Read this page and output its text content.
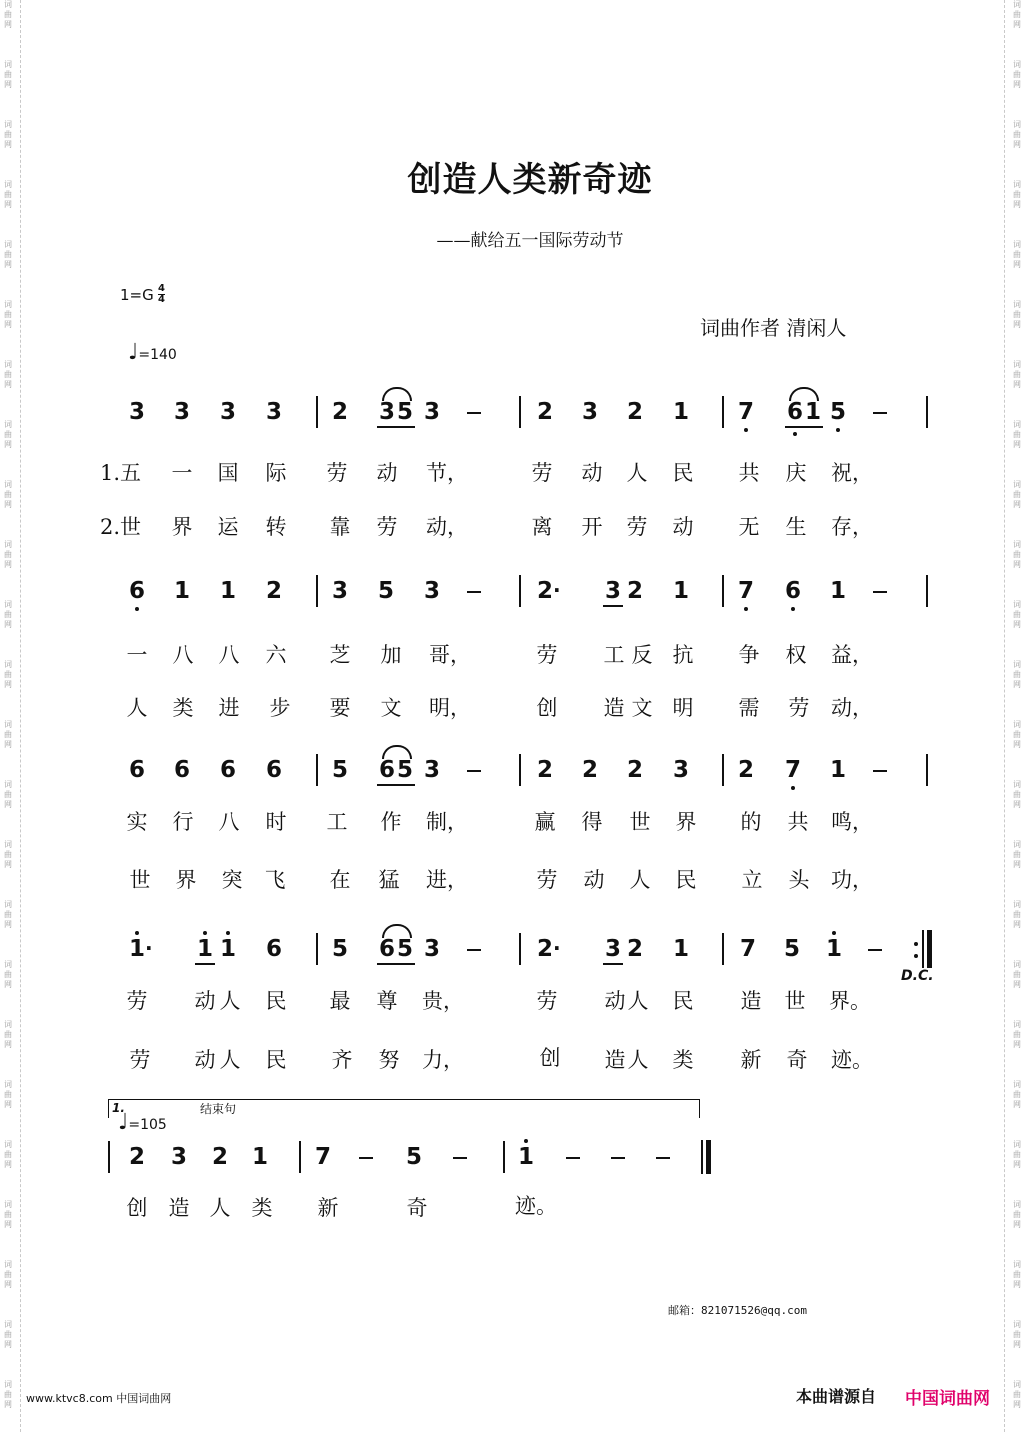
词
曲
网
词
曲
网
词
曲
网
词
曲
网
词
曲
网
词
曲
网
词
曲
网
词
曲
网
词
曲
网
词
曲
网
词
曲
网
词
曲
网
词
曲
网
词
曲
网
词
曲
网
词
曲
网
词
曲
网
词
曲
网
词
曲
网
词
曲
网
词
曲
网
词
曲
网
词
曲
网
词
曲
网
词
曲
网
词
曲
网
词
曲
网
词
曲
网
词
曲
网
词
曲
网
词
曲
网
词
曲
网
词
曲
网
词
曲
网
词
曲
网
词
曲
网
词
曲
网
词
曲
网
词
曲
网
词
曲
网
词
曲
网
词
曲
网
词
曲
网
词
曲
网
词
曲
网
词
曲
网
词
曲
网
词
曲
网
创造人类新奇迹
——献给五一国际劳动节
$1=G \frac{4}{4}$
♩=140
词曲作者 清闲人
3 3 3 3 2 3 5 3	2 3 2 1 7 6 1 5
1.五 一 国 际 劳 动 节，	劳 动 人 民 共 庆 祝，
2.世 界 运 转 靠 劳 动，	离 开 劳 动 无 生 存，
6 1 1 2 3 5 3	2 · 3 2 1 7 6 1
一 八 八 六 芝 加 哥，	劳 工 反 抗 争 权 益，
人 类 进 步 要 文 明，	创 造 文 明 需 劳 动，
6 6 6 6 5 6 5 3	2 2 2 3 2 7 1
实 行 八 时 工 作 制，	赢 得 世 界 的 共 鸣，
世 界 突 飞 在 猛 进，	劳 动 人 民 立 头 功，
1 · 1 1 6 5 6 5 3	2 · 3 2 1 7 5 1
D.C.
劳 动 人 民 最 尊 贵，	劳 动 人 民 造 世 界。
劳 动 人 民 齐 努 力，	创 造 人 类 新 奇 迹。
1.	结束句
♩=105
2 3 2 1 7	5	1
创 造 人 类 新	奇	迹。
邮箱：821071526@qq.com
www.ktvc8.com 中国词曲网	本曲谱源自 中国词曲网
